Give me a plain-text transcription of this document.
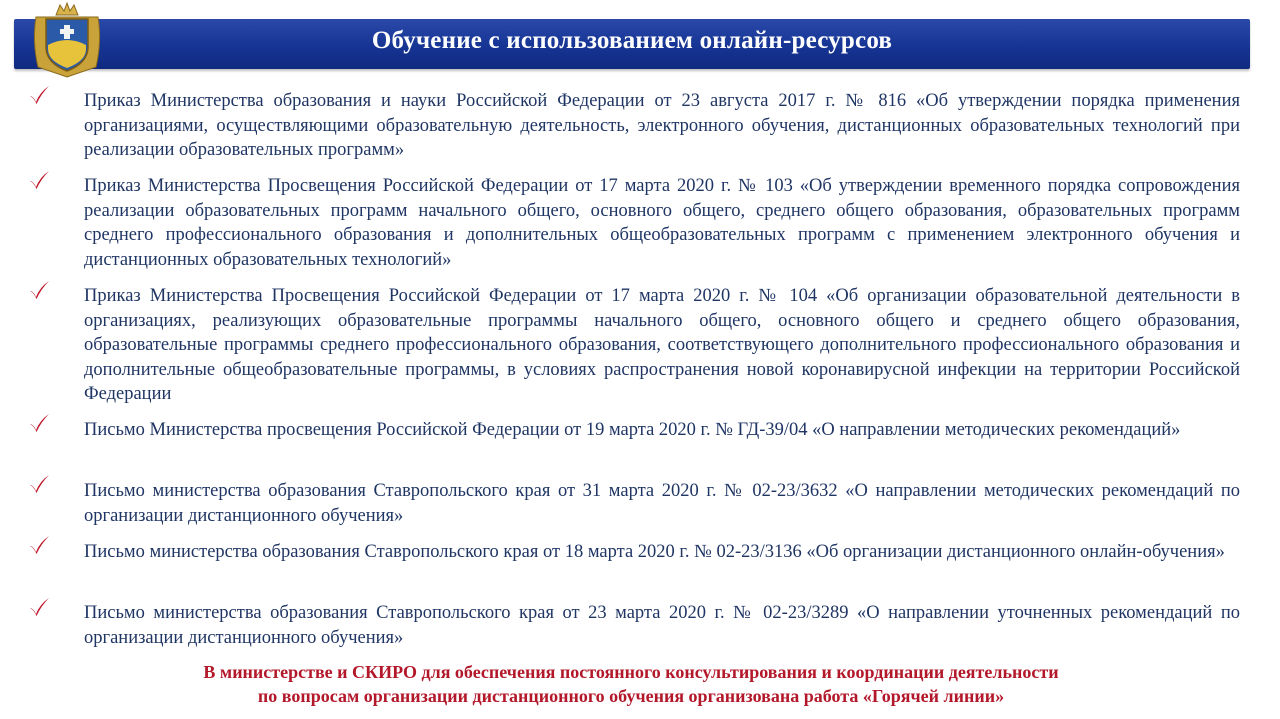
Обучение с использованием онлайн-ресурсов
Приказ Министерства образования и науки Российской Федерации от 23 августа 2017 г. № 816 «Об утверждении порядка применения организациями, осуществляющими образовательную деятельность, электронного обучения, дистанционных образовательных технологий при реализации образовательных программ»
Приказ Министерства Просвещения Российской Федерации от 17 марта 2020 г. № 103 «Об утверждении временного порядка сопровождения реализации образовательных программ начального общего, основного общего, среднего общего образования, образовательных программ среднего профессионального образования и дополнительных общеобразовательных программ с применением электронного обучения и дистанционных образовательных технологий»
Приказ Министерства Просвещения Российской Федерации от 17 марта 2020 г. № 104 «Об организации образовательной деятельности в организациях, реализующих образовательные программы начального общего, основного общего и среднего общего образования, образовательные программы среднего профессионального образования, соответствующего дополнительного профессионального образования и дополнительные общеобразовательные программы, в условиях распространения новой коронавирусной инфекции на территории Российской Федерации
Письмо Министерства просвещения Российской Федерации от 19 марта 2020 г. № ГД-39/04 «О направлении методических рекомендаций»
Письмо министерства образования Ставропольского края от 31 марта 2020 г. № 02-23/3632 «О направлении методических рекомендаций по организации дистанционного обучения»
Письмо министерства образования Ставропольского края от 18 марта 2020 г. № 02-23/3136 «Об организации дистанционного онлайн-обучения»
Письмо министерства образования Ставропольского края от 23 марта 2020 г. № 02-23/3289 «О направлении уточненных рекомендаций по организации дистанционного обучения»
В министерстве и СКИРО для обеспечения постоянного консультирования и координации деятельности
по вопросам организации дистанционного обучения организована работа «Горячей линии»
